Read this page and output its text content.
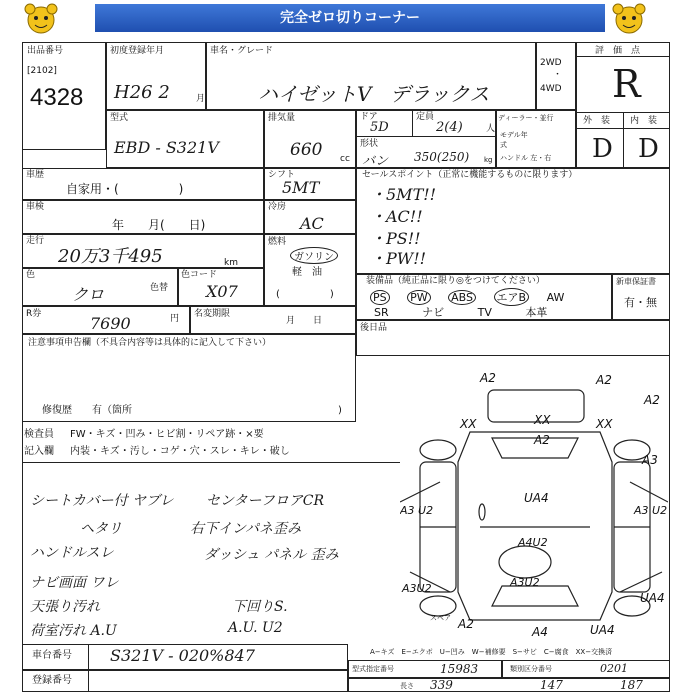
完全ゼロ切りコーナー
出品番号
[2102]
4328
初度登録年月
H26 2	月
車名・グレード
ハイゼットV デラックス
2WD
・
4WD
評　価　点
R
外　装 内　装
D D
型式
EBD - S321V
排気量
660 cc
ドア
5D
定員
2(4)	人
形状
バン 350(250) kg
ディーラー・並行
モデル年式
ハンドル 左・右
車歴
自家用・(　　　　　)
車検
年　　月(　　日)
走行
20万3千495	km
色
クロ	色替
色コード
X07
R券	7690	円 名変期限
月　　日
シフト
5MT
冷房
AC
燃料
ガソリン
軽　油
(　　　　　)
セールスポイント（正常に機能するものに限ります）
・5MT!!
・AC!!
・PS!!
・PW!!
装備品（純正品に限り◎をつけてください）
PS PW ABS エアB AW
SR	ナビ	TV	本革
新車保証書
有・無
後日品
注意事項申告欄（不具合内容等は具体的に記入して下さい）
修復歴　　有（箇所	)
検査員 FW・キズ・凹み・ヒビ割・リペア跡・×要
記入欄 内装・キズ・汚し・コゲ・穴・スレ・キレ・破し
シートカバー付 ヤブレ
ヘタリ
ハンドルスレ
ナビ画面 ワレ
天張り汚れ
荷室汚れ A.U
センターフロアCR
右下インパネ歪み
ダッシュ パネル 歪み
下回りS.
A.U. U2
A2	A2
A2
XX	XX	XX
A2
A3
UA4
A3 U2	A3 U2
A4U2
A3U2	A3U2
UA4
A2
A4	UA4
スペア
A−キズ　E−エクボ　U−凹み　W−補修要　S−サビ　C−腐食　XX−交換済
車台番号 S321V - 020%847
登録番号
型式指定番号	15983	類別区分番号	0201
長さ 339	147	187
